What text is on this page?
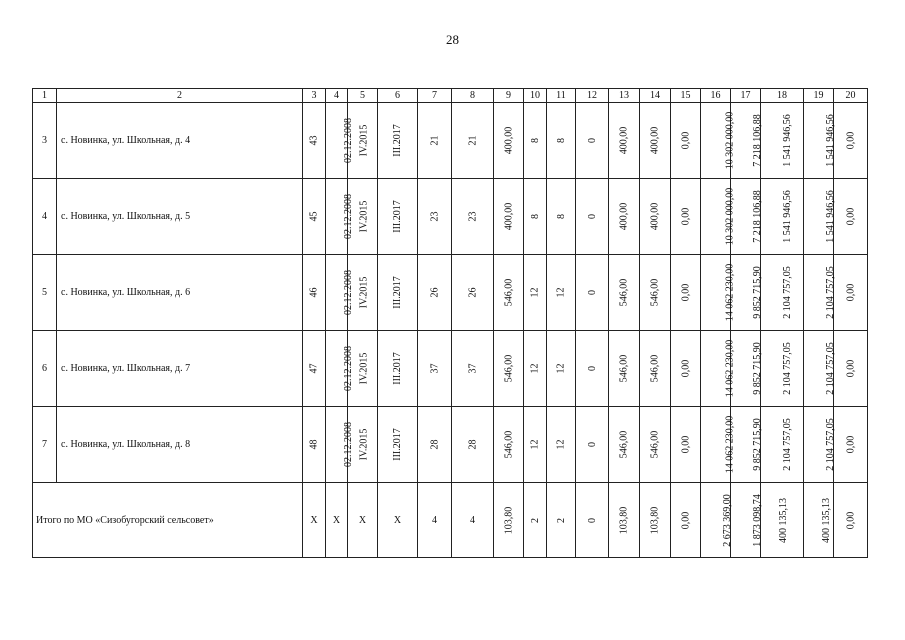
28
1	2	3	4	5	6	7	8	9	10	11	12	13	14	15	16	17	18	19	20
3	с. Новинка, ул. Школьная, д. 4	43	02.12.2008	IV.2015	III.2017	21	21	400,00	8	8	0	400,00	400,00	0,00	10 302 000,00	7 218 106,88	1 541 946,56	1 541 946,56	0,00
4	с. Новинка, ул. Школьная, д. 5	45	02.12.2008	IV.2015	III.2017	23	23	400,00	8	8	0	400,00	400,00	0,00	10 302 000,00	7 218 106,88	1 541 946,56	1 541 946,56	0,00
5	с. Новинка, ул. Школьная, д. 6	46	02.12.2008	IV.2015	III.2017	26	26	546,00	12	12	0	546,00	546,00	0,00	14 062 230,00	9 852 715,90	2 104 757,05	2 104 757,05	0,00
6	с. Новинка, ул. Школьная, д. 7	47	02.12.2008	IV.2015	III.2017	37	37	546,00	12	12	0	546,00	546,00	0,00	14 062 230,00	9 852 715,90	2 104 757,05	2 104 757,05	0,00
7	с. Новинка, ул. Школьная, д. 8	48	02.12.2008	IV.2015	III.2017	28	28	546,00	12	12	0	546,00	546,00	0,00	14 062 230,00	9 852 715,90	2 104 757,05	2 104 757,05	0,00
Итого по МО «Сизобугорский сельсовет»		X	X	X	X	4	4	103,80	2	2	0	103,80	103,80	0,00	2 673 369,00	1 873 098,74	400 135,13	400 135,13	0,00
